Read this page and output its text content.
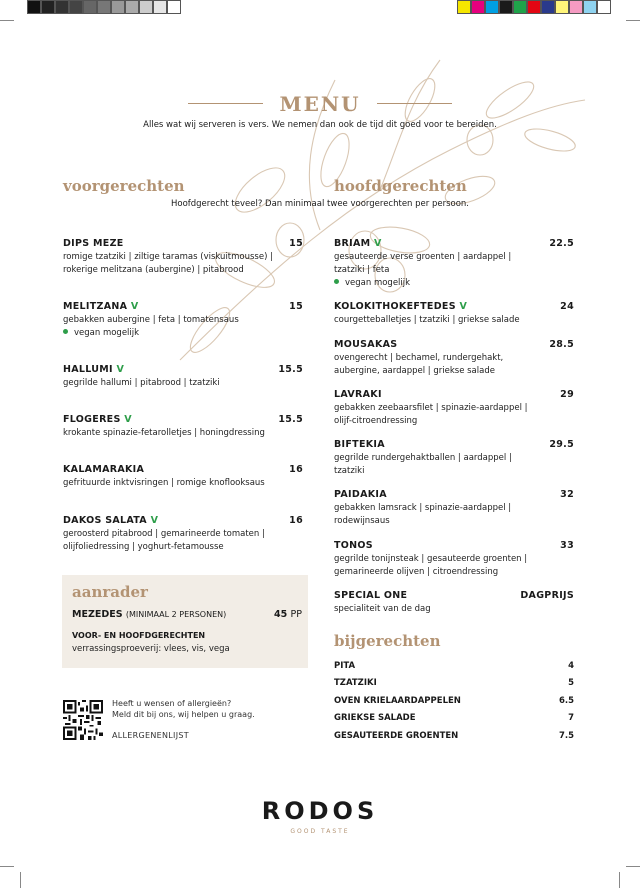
MENU
Alles wat wij serveren is vers. We nemen dan ook de tijd dit goed voor te bereiden.
voorgerechten	hoofdgerechten
Hoofdgerecht teveel? Dan minimaal twee voorgerechten per persoon.
DIPS MEZE	15
romige tzatziki | ziltige taramas (viskuitmousse) |
rokerige melitzana (aubergine) | pitabrood
MELITZANA V	15
gebakken aubergine | feta | tomatensaus
vegan mogelijk
HALLUMI V	15.5
gegrilde hallumi | pitabrood | tzatziki
FLOGERES V	15.5
krokante spinazie-fetarolletjes | honingdressing
KALAMARAKIA	16
gefrituurde inktvisringen | romige knoflooksaus
DAKOS SALATA V	16
geroosterd pitabrood | gemarineerde tomaten |
olijfoliedressing | yoghurt-fetamousse
aanrader
MEZEDES (MINIMAAL 2 PERSONEN)	45 PP
VOOR- EN HOOFDGERECHTEN
verrassingsproeverij: vlees, vis, vega
Heeft u wensen of allergieën?
Meld dit bij ons, wij helpen u graag.
ALLERGENENLIJST
BRIAM V	22.5
gesauteerde verse groenten | aardappel |
tzatziki | feta
vegan mogelijk
KOLOKITHOKEFTEDES V	24
courgetteballetjes | tzatziki | griekse salade
MOUSAKAS	28.5
ovengerecht | bechamel, rundergehakt,
aubergine, aardappel | griekse salade
LAVRAKI	29
gebakken zeebaarsfilet | spinazie-aardappel |
olijf-citroendressing
BIFTEKIA	29.5
gegrilde rundergehaktballen | aardappel |
tzatziki
PAIDAKIA	32
gebakken lamsrack | spinazie-aardappel |
rodewijnsaus
TONOS	33
gegrilde tonijnsteak | gesauteerde groenten |
gemarineerde olijven | citroendressing
SPECIAL ONE	DAGPRIJS
specialiteit van de dag
bijgerechten
PITA	4
TZATZIKI	5
OVEN KRIELAARDAPPELEN	6.5
GRIEKSE SALADE	7
GESAUTEERDE GROENTEN	7.5
RODOS
GOOD TASTE
